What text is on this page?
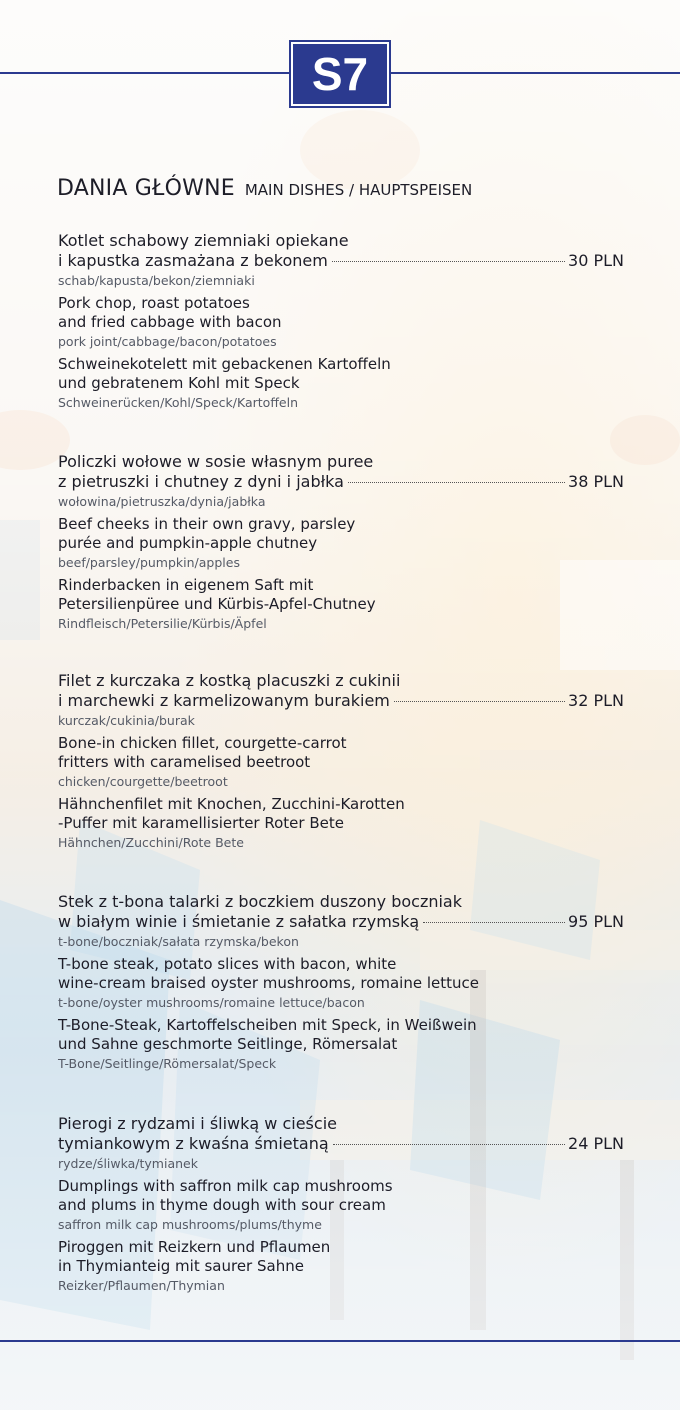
S7
DANIA GŁÓWNE MAIN DISHES / HAUPTSPEISEN
Kotlet schabowy ziemniaki opiekane
i kapustka zasmażana z bekonem	30 PLN
schab/kapusta/bekon/ziemniaki
Pork chop, roast potatoes
and fried cabbage with bacon
pork joint/cabbage/bacon/potatoes
Schweinekotelett mit gebackenen Kartoffeln
und gebratenem Kohl mit Speck
Schweinerücken/Kohl/Speck/Kartoffeln
Policzki wołowe w sosie własnym puree
z pietruszki i chutney z dyni i jabłka	38 PLN
wołowina/pietruszka/dynia/jabłka
Beef cheeks in their own gravy, parsley
purée and pumpkin-apple chutney
beef/parsley/pumpkin/apples
Rinderbacken in eigenem Saft mit
Petersilienpüree und Kürbis-Apfel-Chutney
Rindfleisch/Petersilie/Kürbis/Äpfel
Filet z kurczaka z kostką placuszki z cukinii
i marchewki z karmelizowanym burakiem	32 PLN
kurczak/cukinia/burak
Bone-in chicken fillet, courgette-carrot
fritters with caramelised beetroot
chicken/courgette/beetroot
Hähnchenfilet mit Knochen, Zucchini-Karotten
-Puffer mit karamellisierter Roter Bete
Hähnchen/Zucchini/Rote Bete
Stek z t-bona talarki z boczkiem duszony boczniak
w białym winie i śmietanie z sałatka rzymską	95 PLN
t-bone/boczniak/sałata rzymska/bekon
T-bone steak, potato slices with bacon, white
wine-cream braised oyster mushrooms, romaine lettuce
t-bone/oyster mushrooms/romaine lettuce/bacon
T-Bone-Steak, Kartoffelscheiben mit Speck, in Weißwein
und Sahne geschmorte Seitlinge, Römersalat
T-Bone/Seitlinge/Römersalat/Speck
Pierogi z rydzami i śliwką w cieście
tymiankowym z kwaśna śmietaną	24 PLN
rydze/śliwka/tymianek
Dumplings with saffron milk cap mushrooms
and plums in thyme dough with sour cream
saffron milk cap mushrooms/plums/thyme
Piroggen mit Reizkern und Pflaumen
in Thymianteig mit saurer Sahne
Reizker/Pflaumen/Thymian
